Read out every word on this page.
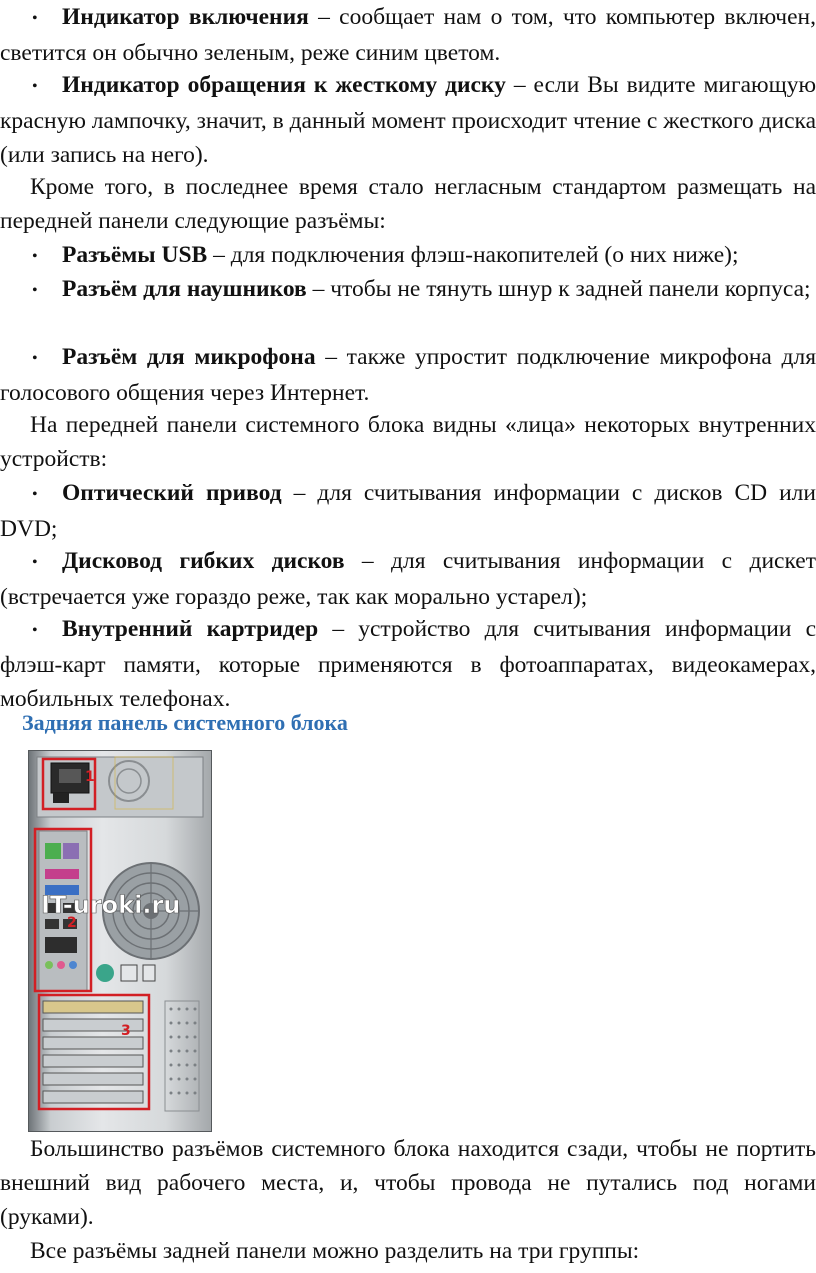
• Индикатор включения – сообщает нам о том, что компьютер включен, светится он обычно зеленым, реже синим цветом.

• Индикатор обращения к жесткому диску – если Вы видите мигающую красную лампочку, значит, в данный момент происходит чтение с жесткого диска (или запись на него).

Кроме того, в последнее время стало негласным стандартом размещать на передней панели следующие разъёмы:

• Разъёмы USB – для подключения флэш-накопителей (о них ниже);

• Разъём для наушников – чтобы не тянуть шнур к задней панели корпуса;

• Разъём для микрофона – также упростит подключение микрофона для голосового общения через Интернет.

На передней панели системного блока видны «лица» некоторых внутренних устройств:

• Оптический привод – для считывания информации с дисков CD или DVD;

• Дисковод гибких дисков – для считывания информации с дискет (встречается уже гораздо реже, так как морально устарел);

• Внутренний картридер – устройство для считывания информации с флэш-карт памяти, которые применяются в фотоаппаратах, видеокамерах, мобильных телефонах.

Задняя панель системного блока
1
2
IT-uroki.ru
3

Большинство разъёмов системного блока находится сзади, чтобы не портить внешний вид рабочего места, и, чтобы провода не путались под ногами (руками).

Все разъёмы задней панели можно разделить на три группы:
